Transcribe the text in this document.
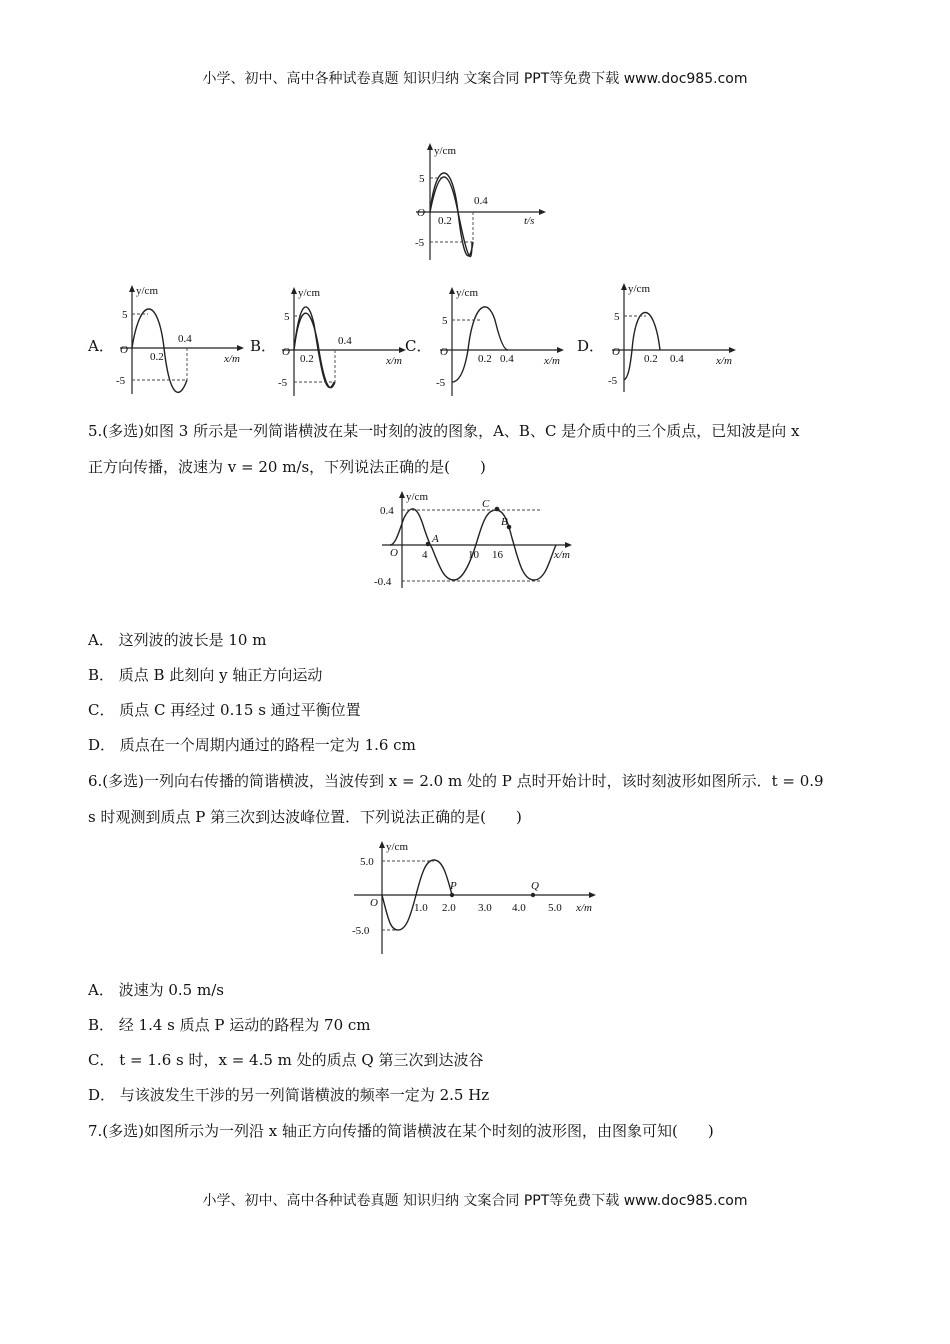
小学、初中、高中各种试卷真题 知识归纳 文案合同 PPT等免费下载 www.doc985.com
y/cm
t/s
O
5
-5
0.2
0.4
A．
y/cm
x/m
O
5
-5
0.2
0.4	B．
y/cm
x/m
O
5
-5
0.2
0.4	C．
y/cm
x/m
O
5
-5
0.2 0.4
D．
y/cm
x/m
O
5
-5
0.2 0.4
5.(多选)如图 3 所示是一列简谐横波在某一时刻的波的图象，A、B、C 是介质中的三个质点，已知波是向 x
正方向传播，波速为 v = 20 m/s，下列说法正确的是(　　)
y/cm
x/m
O
0.4
-0.4
4	10 16
A
B
C
A． 这列波的波长是 10 m
B． 质点 B 此刻向 y 轴正方向运动
C． 质点 C 再经过 0.15 s 通过平衡位置
D． 质点在一个周期内通过的路程一定为 1.6 cm
6.(多选)一列向右传播的简谐横波，当波传到 x = 2.0 m 处的 P 点时开始计时，该时刻波形如图所示．t = 0.9
s 时观测到质点 P 第三次到达波峰位置．下列说法正确的是(　　)
y/cm
x/m
O
5.0
-5.0
1.0 2.0 3.0 4.0 5.0
P	Q
A． 波速为 0.5 m/s
B． 经 1.4 s 质点 P 运动的路程为 70 cm
C． t = 1.6 s 时，x = 4.5 m 处的质点 Q 第三次到达波谷
D． 与该波发生干涉的另一列简谐横波的频率一定为 2.5 Hz
7.(多选)如图所示为一列沿 x 轴正方向传播的简谐横波在某个时刻的波形图，由图象可知(　　)
小学、初中、高中各种试卷真题 知识归纳 文案合同 PPT等免费下载 www.doc985.com
